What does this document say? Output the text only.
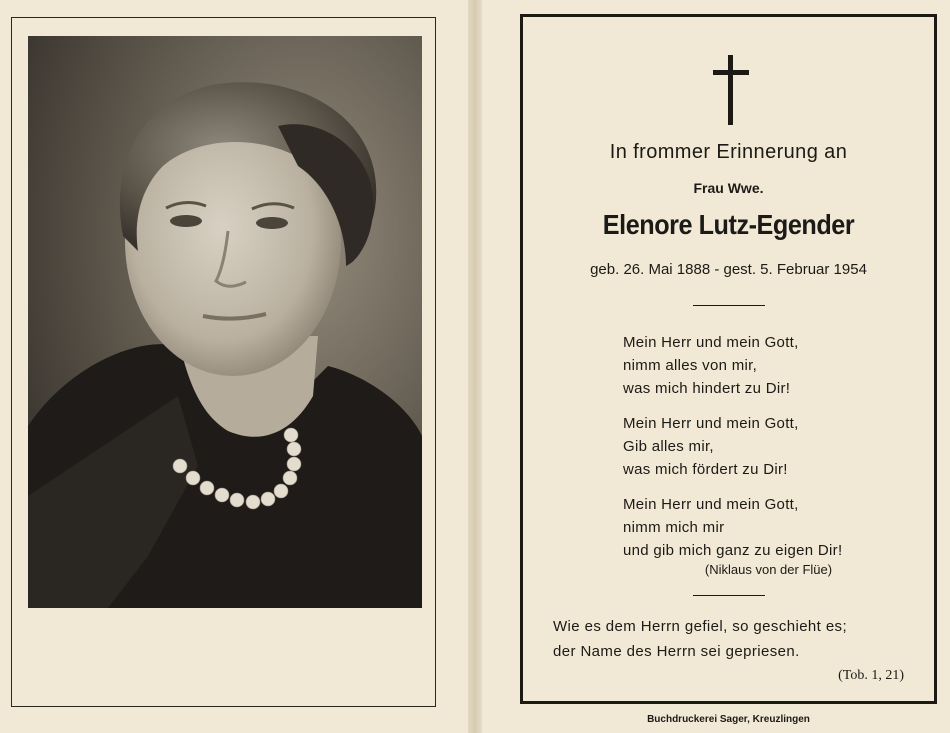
In frommer Erinnerung an
Frau Wwe.
Elenore Lutz-Egender
geb. 26. Mai 1888 - gest. 5. Februar 1954
Mein Herr und mein Gott,
nimm alles von mir,
was mich hindert zu Dir!
Mein Herr und mein Gott,
Gib alles mir,
was mich fördert zu Dir!
Mein Herr und mein Gott,
nimm mich mir
und gib mich ganz zu eigen Dir!
(Niklaus von der Flüe)
Wie es dem Herrn gefiel, so geschieht es;
der Name des Herrn sei gepriesen.
(Tob. 1, 21)
Buchdruckerei Sager, Kreuzlingen
